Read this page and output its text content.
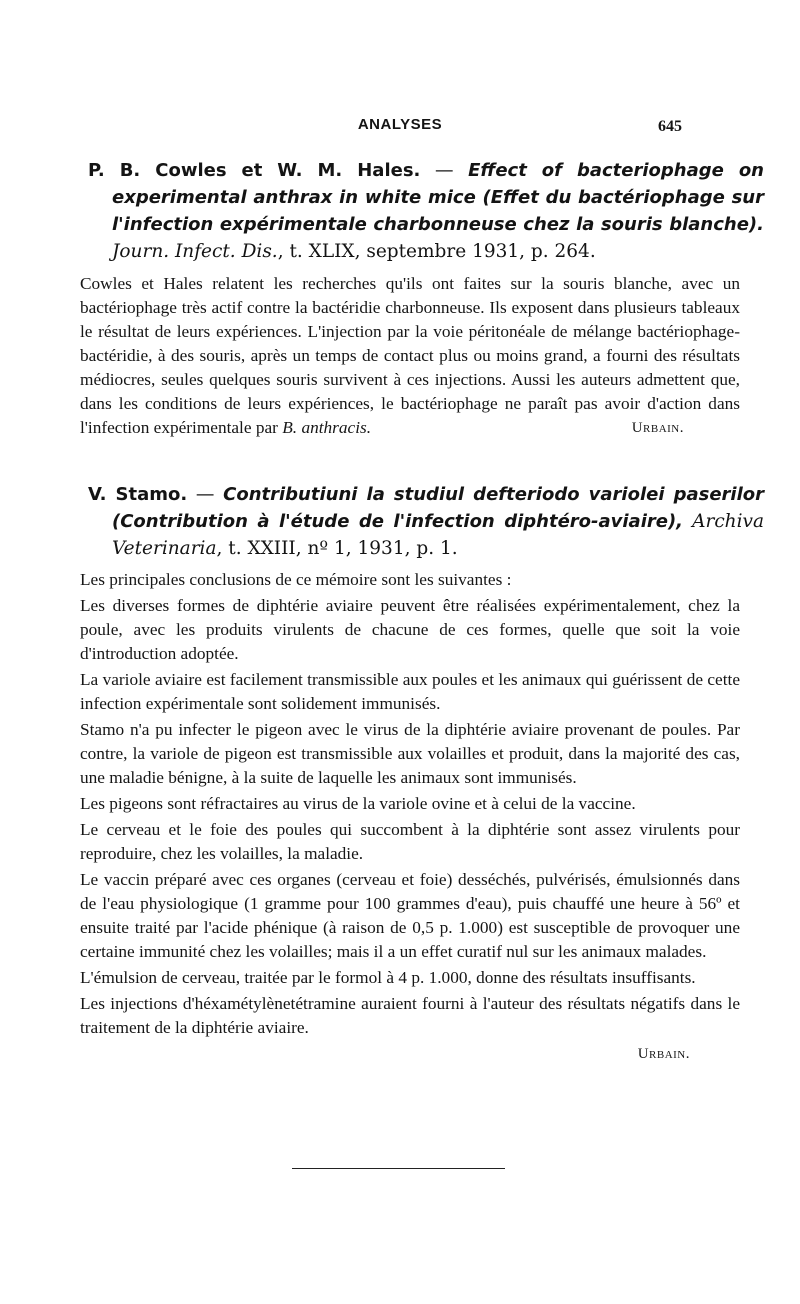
ANALYSES	645
P. B. Cowles et W. M. Hales. — Effect of bacteriophage on experimental anthrax in white mice (Effet du bactériophage sur l'infection expérimentale charbonneuse chez la souris blanche). Journ. Infect. Dis., t. XLIX, septembre 1931, p. 264.

Cowles et Hales relatent les recherches qu'ils ont faites sur la souris blanche, avec un bactériophage très actif contre la bactéridie charbonneuse. Ils exposent dans plusieurs tableaux le résultat de leurs expériences. L'injection par la voie péritonéale de mélange bactériophage-bactéridie, à des souris, après un temps de contact plus ou moins grand, a fourni des résultats médiocres, seules quelques souris survivent à ces injections. Aussi les auteurs admettent que, dans les conditions de leurs expériences, le bactériophage ne paraît pas avoir d'action dans l'infection expérimentale par B. anthracis.	Urbain.

V. Stamo. — Contributiuni la studiul defteriodo variolei paserilor (Contribution à l'étude de l'infection diphtéro-aviaire), Archiva Veterinaria, t. XXIII, nº 1, 1931, p. 1.

Les principales conclusions de ce mémoire sont les suivantes :

Les diverses formes de diphtérie aviaire peuvent être réalisées expérimentalement, chez la poule, avec les produits virulents de chacune de ces formes, quelle que soit la voie d'introduction adoptée.

La variole aviaire est facilement transmissible aux poules et les animaux qui guérissent de cette infection expérimentale sont solidement immunisés.

Stamo n'a pu infecter le pigeon avec le virus de la diphtérie aviaire provenant de poules. Par contre, la variole de pigeon est transmissible aux volailles et produit, dans la majorité des cas, une maladie bénigne, à la suite de laquelle les animaux sont immunisés.

Les pigeons sont réfractaires au virus de la variole ovine et à celui de la vaccine.

Le cerveau et le foie des poules qui succombent à la diphtérie sont assez virulents pour reproduire, chez les volailles, la maladie.

Le vaccin préparé avec ces organes (cerveau et foie) desséchés, pulvérisés, émulsionnés dans de l'eau physiologique (1 gramme pour 100 grammes d'eau), puis chauffé une heure à 56º et ensuite traité par l'acide phénique (à raison de 0,5 p. 1.000) est susceptible de provoquer une certaine immunité chez les volailles; mais il a un effet curatif nul sur les animaux malades.

L'émulsion de cerveau, traitée par le formol à 4 p. 1.000, donne des résultats insuffisants.

Les injections d'héxamétylènetétramine auraient fourni à l'auteur des résultats négatifs dans le traitement de la diphtérie aviaire.

Urbain.
